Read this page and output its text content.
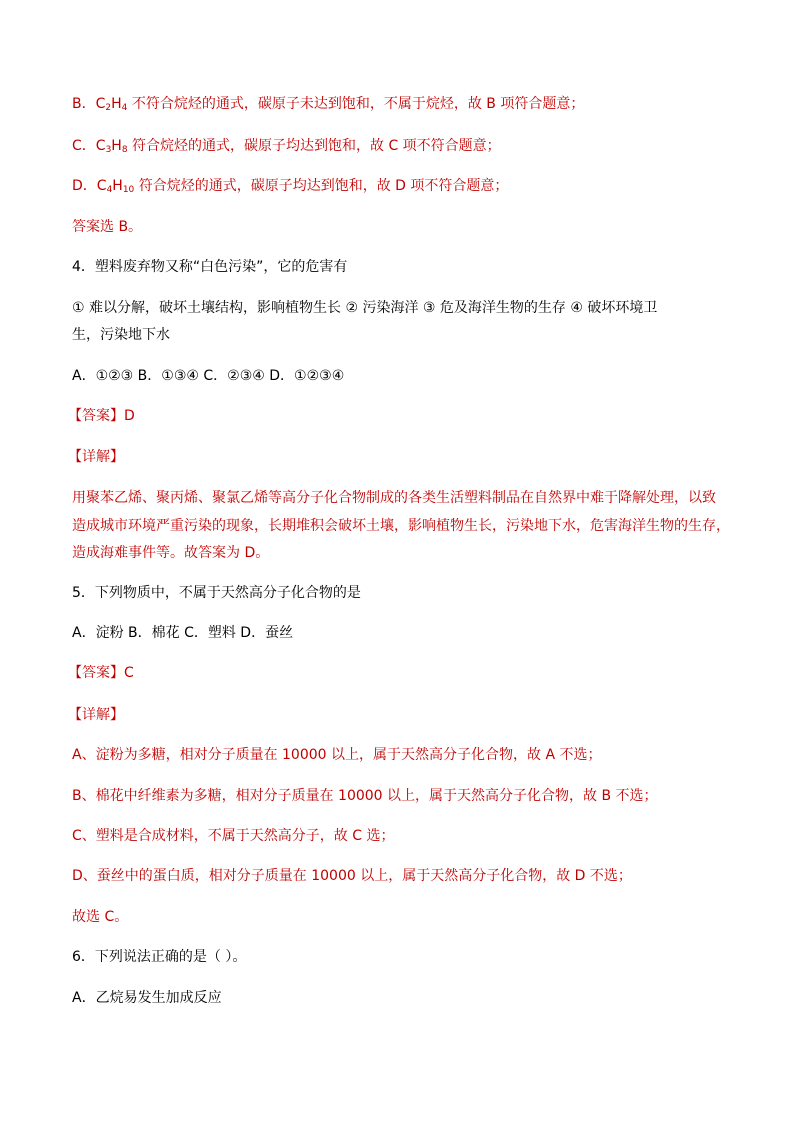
B．$C_2H_4$ 不符合烷烃的通式，碳原子未达到饱和，不属于烷烃，故 B 项符合题意；
C．$C_3H_8$ 符合烷烃的通式，碳原子均达到饱和，故 C 项不符合题意；
D．$C_4H_{10}$ 符合烷烃的通式，碳原子均达到饱和，故 D 项不符合题意；
答案选 B。
4．塑料废弃物又称“白色污染”，它的危害有
① 难以分解，破坏土壤结构，影响植物生长 ② 污染海洋 ③ 危及海洋生物的生存 ④ 破坏环境卫
生，污染地下水
A．①②③ B．①③④ C．②③④ D．①②③④
【答案】D
【详解】
用聚苯乙烯、聚丙烯、聚氯乙烯等高分子化合物制成的各类生活塑料制品在自然界中难于降解处理，以致
造成城市环境严重污染的现象，长期堆积会破坏土壤，影响植物生长，污染地下水，危害海洋生物的生存，
造成海难事件等。故答案为 D。
5．下列物质中，不属于天然高分子化合物的是
A．淀粉 B．棉花 C．塑料 D．蚕丝
【答案】C
【详解】
A、淀粉为多糖，相对分子质量在 10000 以上，属于天然高分子化合物，故 A 不选；
B、棉花中纤维素为多糖，相对分子质量在 10000 以上，属于天然高分子化合物，故 B 不选；
C、塑料是合成材料，不属于天然高分子，故 C 选；
D、蚕丝中的蛋白质，相对分子质量在 10000 以上，属于天然高分子化合物，故 D 不选；
故选 C。
6．下列说法正确的是（ ）。
A．乙烷易发生加成反应
